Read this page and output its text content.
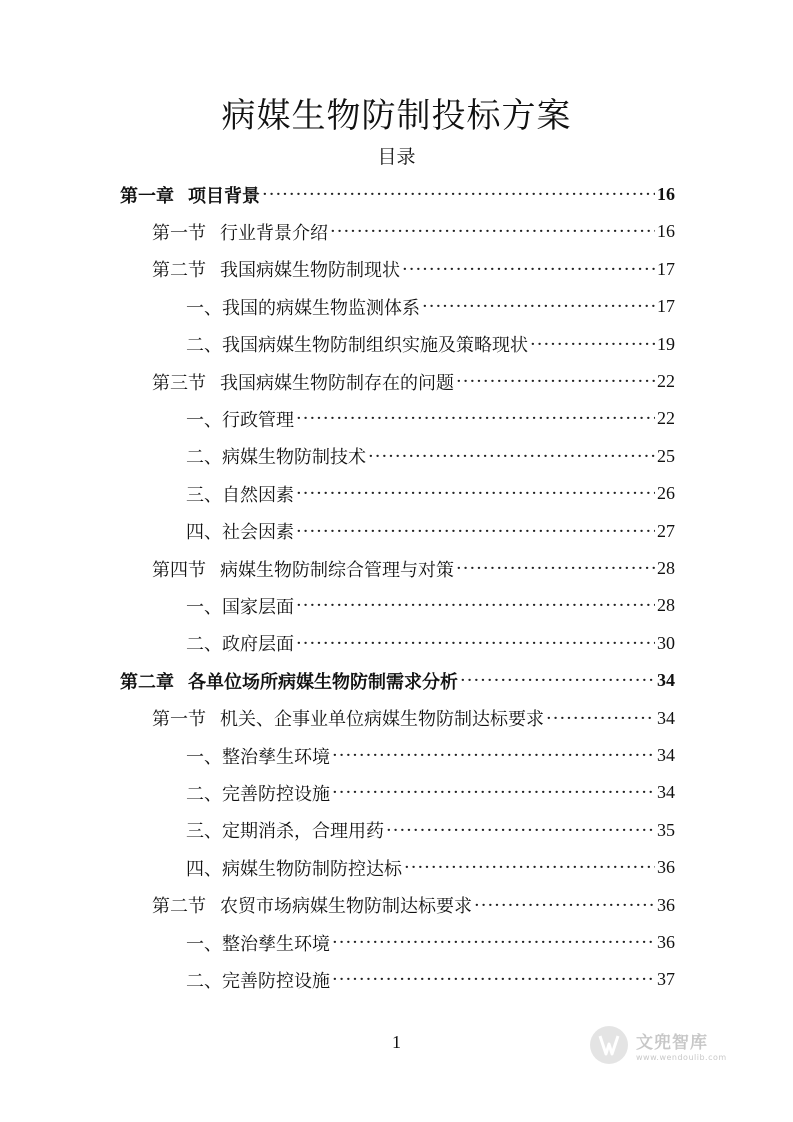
病媒生物防制投标方案
目录
第一章 项目背景 ·····	16
第一节 行业背景介绍 ·····	16
第二节 我国病媒生物防制现状 ·····	17
一、我国的病媒生物监测体系 ·····	17
二、我国病媒生物防制组织实施及策略现状 ·····	19
第三节 我国病媒生物防制存在的问题 ·····	22
一、行政管理 ·····	22
二、病媒生物防制技术 ·····	25
三、自然因素 ·····	26
四、社会因素 ·····	27
第四节 病媒生物防制综合管理与对策 ·····	28
一、国家层面 ·····	28
二、政府层面 ·····	30
第二章 各单位场所病媒生物防制需求分析 ·····	34
第一节 机关、企事业单位病媒生物防制达标要求 ·····	34
一、整治孳生环境 ·····	34
二、完善防控设施 ·····	34
三、定期消杀，合理用药 ·····	35
四、病媒生物防制防控达标 ·····	36
第二节 农贸市场病媒生物防制达标要求 ·····	36
一、整治孳生环境 ·····	36
二、完善防控设施 ·····	37
1	文兜智库
www.wendoulib.com
